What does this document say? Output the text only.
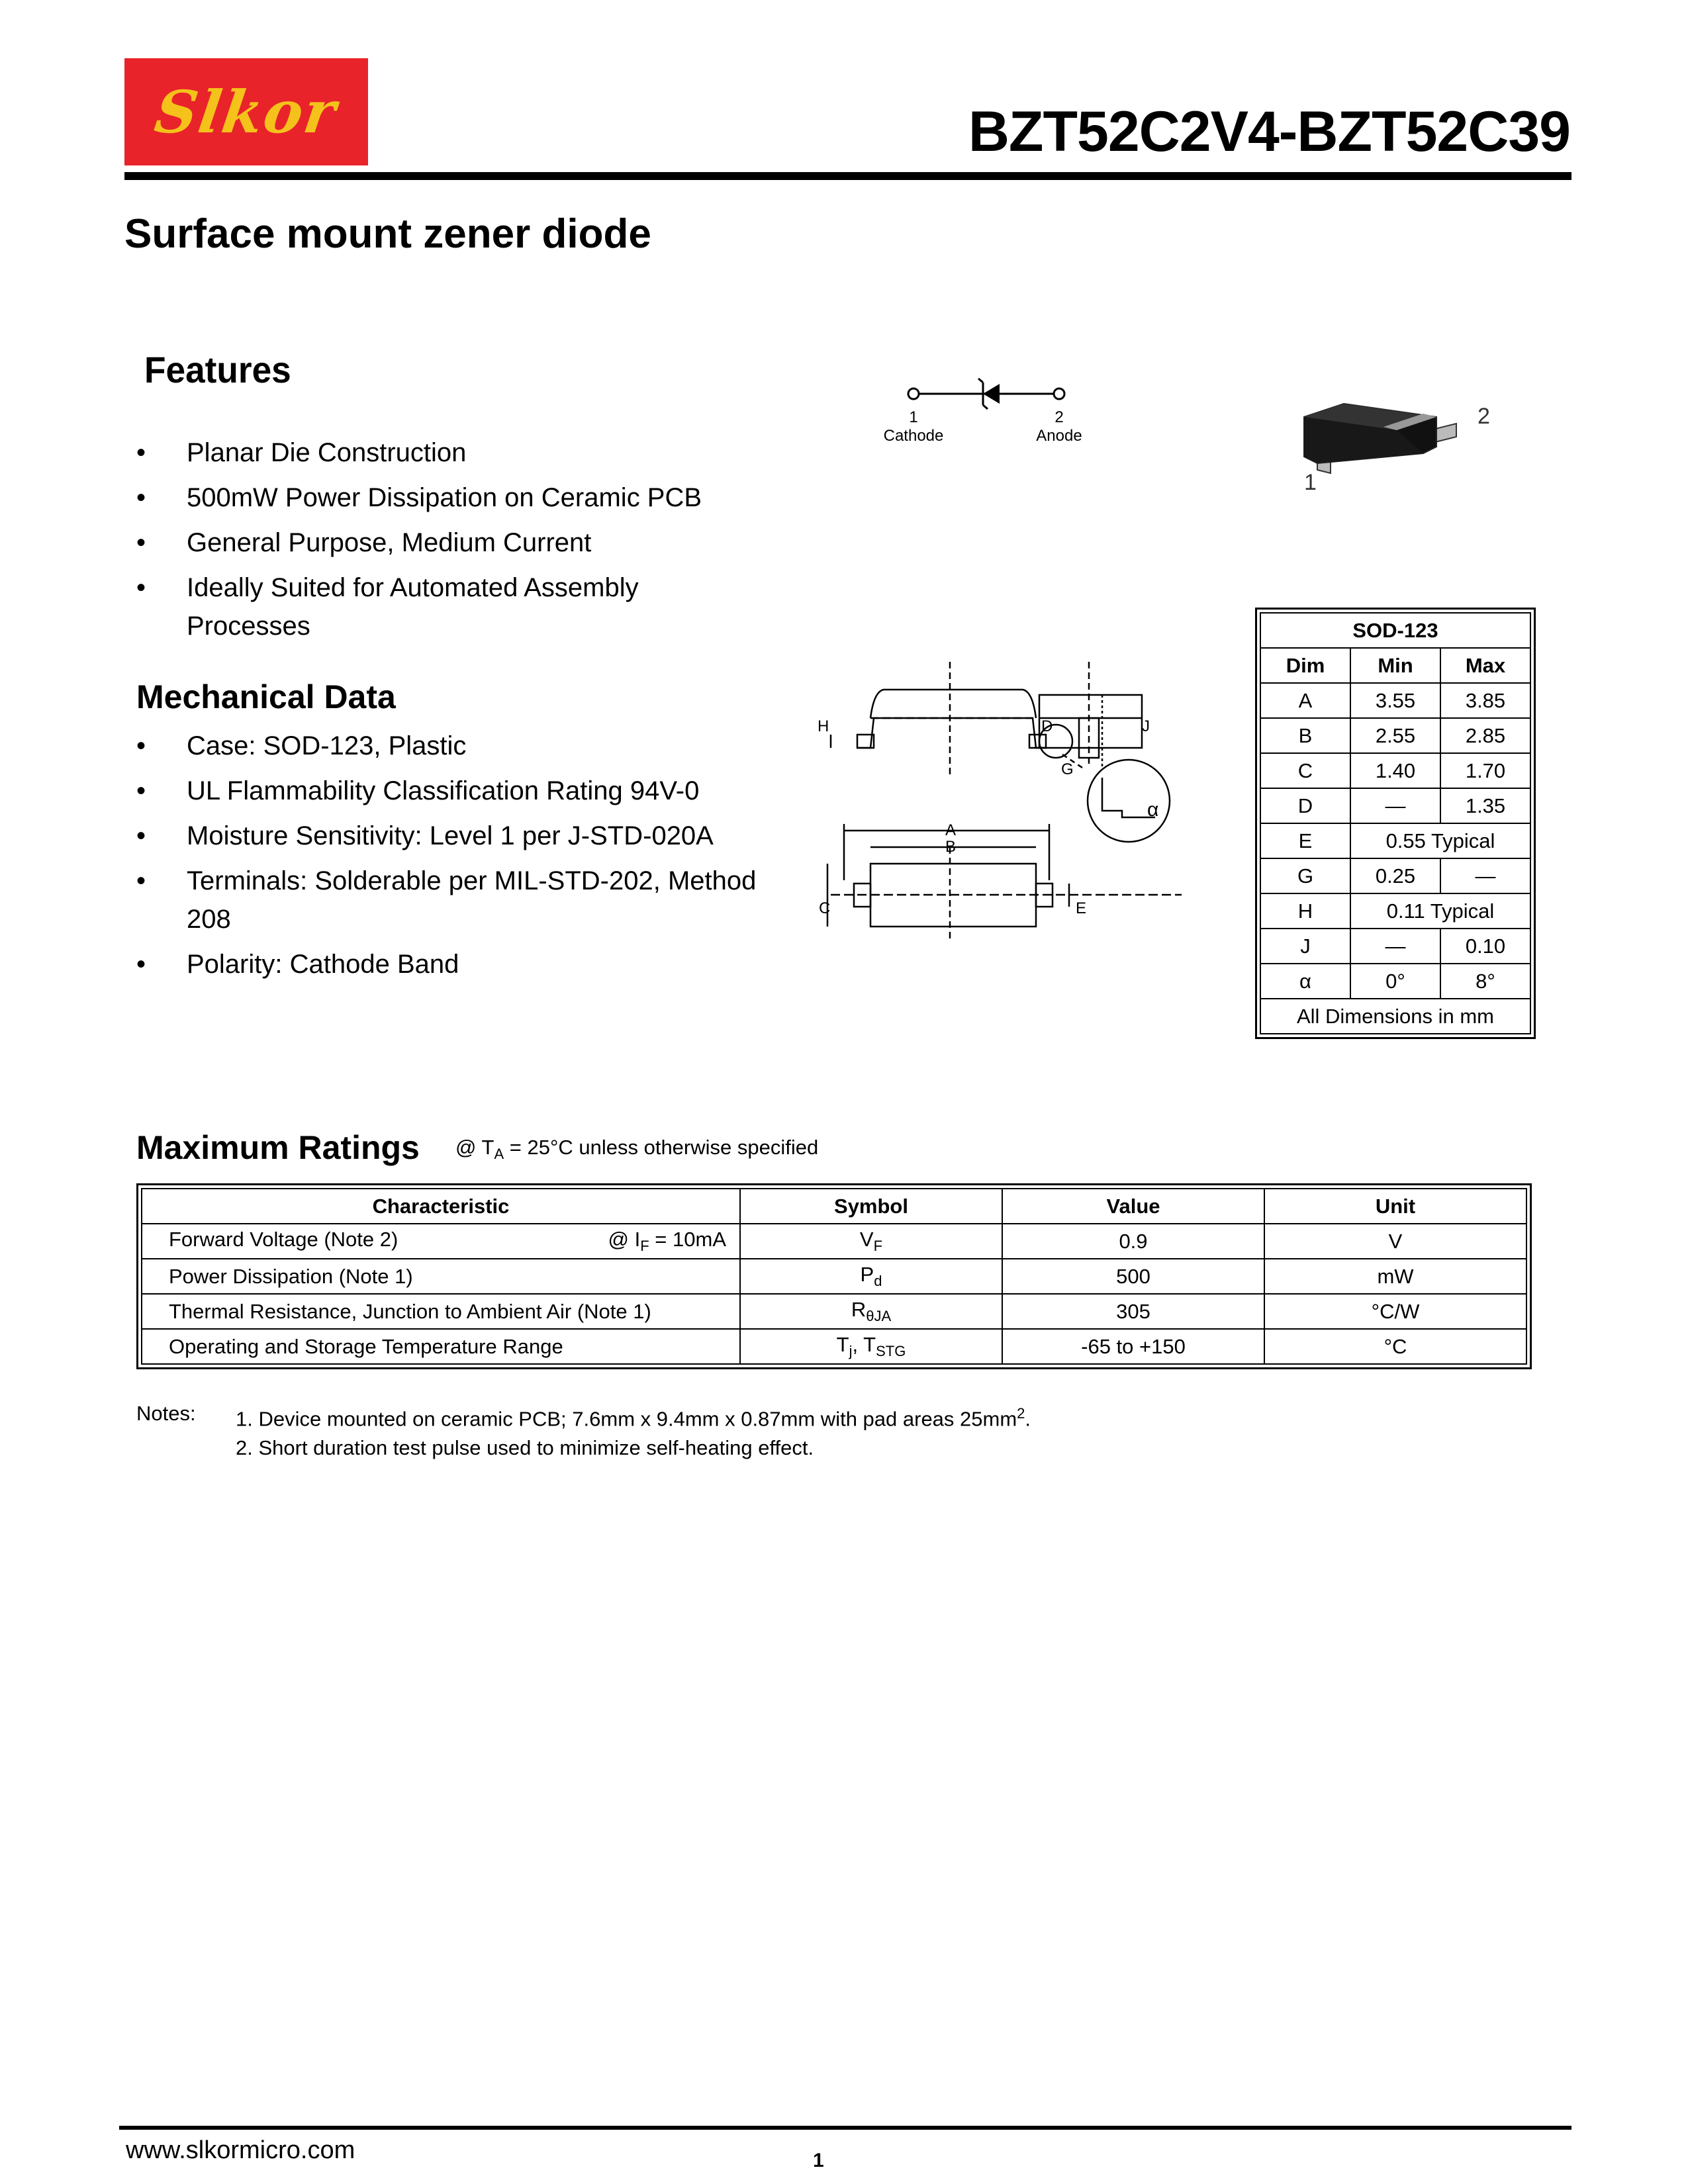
Slkor	BZT52C2V4-BZT52C39
Surface mount zener diode
Features
• Planar Die Construction
• 500mW Power Dissipation on Ceramic PCB
• General Purpose, Medium Current
• Ideally Suited for Automated Assembly Processes
Mechanical Data
• Case: SOD-123, Plastic
• UL Flammability Classification Rating 94V-0
• Moisture Sensitivity: Level 1 per J-STD-020A
• Terminals: Solderable per MIL-STD-202, Method 208
• Polarity: Cathode Band
1
Cathode
2
Anode
2
1
H	D	J
G
A
B
C	E
α
SOD-123		
Dim	Min	Max
A	3.55	3.85
B	2.55	2.85
C	1.40	1.70
D	—	1.35
E	0.55 Typical	
G	0.25	—
H	0.11 Typical	
J	—	0.10
α	0°	8°
All Dimensions in mm		
Maximum Ratings @ $T_A = 25^\circ C$ unless otherwise specified
Characteristic	Symbol	Value	Unit
Forward Voltage (Note 2) @ $I_F = 10mA$	$V_F$	0.9	V
Power Dissipation (Note 1)	$P_d$	500	mW
Thermal Resistance, Junction to Ambient Air (Note 1)	$R_{\theta JA}$	305	°C/W
Operating and Storage Temperature Range	$T_j$, $T_{STG}$	-65 to +150	°C
Notes: 1. Device mounted on ceramic PCB; 7.6mm x 9.4mm x 0.87mm with pad areas $25mm^2$.
2. Short duration test pulse used to minimize self-heating effect.
www.slkormicro.com	1
